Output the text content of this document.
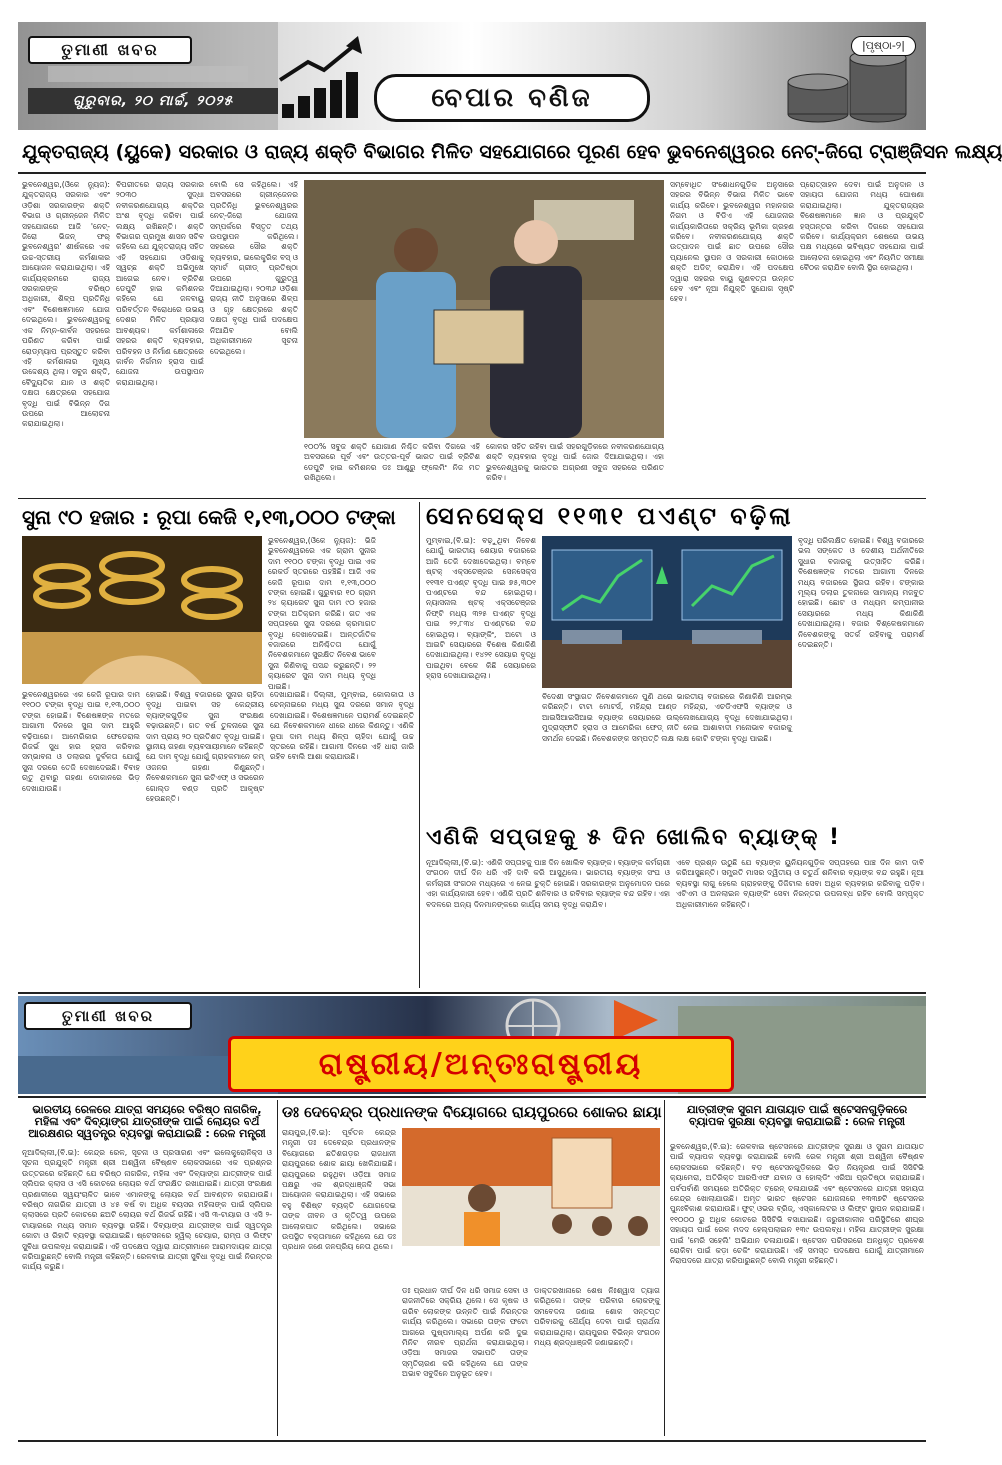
ତୁମାଣୀ ଖବର
ଗୁରୁବାର, ୨୦ ମାର୍ଚ୍ଚ, ୨୦୨୫	ବେପାର ବଣିଜ
|ପୃଷ୍ଠା-୨|
ଯୁକ୍ତରାଜ୍ୟ (ୟୁକେ) ସରକାର ଓ ରାଜ୍ୟ ଶକ୍ତି ବିଭାଗର ମିଳିତ ସହଯୋଗରେ ପୂରଣ ହେବ ଭୁବନେଶ୍ୱରର ନେଟ୍-ଜିରୋ ଟ୍ରାଞ୍ଜିସନ ଲକ୍ଷ୍ୟ
ଭୁବନେଶ୍ୱର,(ଓିକେ ନ୍ୟୁଜ): ଯୁକ୍ତରାଜ୍ୟ ସରକାର ଏବଂ ଓଡ଼ିଶା ସରକାରଙ୍କ ଶକ୍ତି ବିଭାଗ ଓ ଗ୍ରୀନ୍‌ଜେନ ମିଳିତ ସହଯୋଗରେ ଆଜି 'ନେଟ୍-ଜିରୋ ଭିଜନ୍ ଫର୍ ଭୁବନେଶ୍ୱର' ଶୀର୍ଷକରେ ଏକ ଉଚ୍ଚ-ସ୍ତରୀୟ କର୍ମଶାଳାର ଆୟୋଜନ କରାଯାଇଥିଲା। ଏହି କାର୍ଯ୍ୟକ୍ରମରେ ରାଜ୍ୟ ସରକାରଙ୍କ ବରିଷ୍ଠ ଅଧିକାରୀ, ଶିଳ୍ପ ପ୍ରତିନିଧି ଏବଂ ବିଶେଷଜ୍ଞମାନେ ଯୋଗ ଦେଇଥିଲେ। ଭୁବନେଶ୍ୱରକୁ ଏକ ନିମ୍ନ-କାର୍ବନ ସହରରେ ପରିଣତ କରିବା ପାଇଁ ରୋଡ୍‌ମ୍ୟାପ ପ୍ରସ୍ତୁତ କରିବା ଏହି କର୍ମଶାଳାର ମୁଖ୍ୟ ଉଦ୍ଦେଶ୍ୟ ଥିଲା। ସବୁଜ ଶକ୍ତି, ବୈଦ୍ୟୁତିକ ଯାନ ଓ ଶକ୍ତି ଦକ୍ଷତା କ୍ଷେତ୍ରରେ ସହଯୋଗ ବୃଦ୍ଧି ପାଇଁ ବିଭିନ୍ନ ଦିଗ ଉପରେ ଆଲୋଚନା କରାଯାଇଥିଲା।
ବିପରୀତରେ ରାଜ୍ୟ ସରକାର ୨୦୩୦ ସୁଦ୍ଧା ନବୀକରଣଯୋଗ୍ୟ ଶକ୍ତିର ଅଂଶ ବୃଦ୍ଧି କରିବା ପାଇଁ ଲକ୍ଷ୍ୟ ରଖିଛନ୍ତି। ଶକ୍ତି ବିଭାଗର ପ୍ରମୁଖ ଶାସନ ସଚିବ କହିଲେ ଯେ ଯୁକ୍ତରାଜ୍ୟ ସହିତ ଏହି ସହଯୋଗ ଓଡ଼ିଶାକୁ ସ୍ୱଚ୍ଛ ଶକ୍ତି ଅଭିମୁଖେ ଆଗେଇ ନେବ। ବ୍ରିଟିଶ ଡେପୁଟି ହାଇ କମିଶନର କହିଲେ ଯେ ଜଳବାୟୁ ପରିବର୍ତ୍ତନ ବିରୋଧରେ ଉଭୟ ଦେଶର ମିଳିତ ପ୍ରୟାସ ଆବଶ୍ୟକ। କର୍ମଶାଳାରେ ସହରର ଶକ୍ତି ବ୍ୟବହାର, ପରିବହନ ଓ ନିର୍ମାଣ କ୍ଷେତ୍ରରେ କାର୍ବନ ନିର୍ଗମନ ହ୍ରାସ ପାଇଁ ଯୋଜନା ଉପସ୍ଥାପନ କରାଯାଇଥିଲା।
ବୋଲି ସେ କହିଥିଲେ। ଏହି ଅବସରରେ ଗ୍ରୀନ୍‌ଜେନର ପ୍ରତିନିଧି ଭୁବନେଶ୍ୱରର ନେଟ୍-ଜିରୋ ଯୋଜନା ସମ୍ପର୍କରେ ବିସ୍ତୃତ ତଥ୍ୟ ଉପସ୍ଥାପନ କରିଥିଲେ। ସହରରେ ସୌର ଶକ୍ତି ବ୍ୟବହାର, ଇଲେକ୍ଟ୍ରିକ ବସ୍ ଓ ସ୍ମାର୍ଟ ଗ୍ରୀଡ୍ ପ୍ରତିଷ୍ଠା ଉପରେ ଗୁରୁତ୍ୱ ଦିଆଯାଇଥିଲା। ୨୦୩୬ ଓଡ଼ିଶା ରାଜ୍ୟ ନୀତି ଅନୁସାରେ ଶିଳ୍ପ ଓ ଗୃହ କ୍ଷେତ୍ରରେ ଶକ୍ତି ଦକ୍ଷତା ବୃଦ୍ଧି ପାଇଁ ପଦକ୍ଷେପ ନିଆଯିବ ବୋଲି ଅଧିକାରୀମାନେ ସୂଚନା ଦେଇଥିଲେ।
୧୦୦% ସବୁଜ ଶକ୍ତି ଯୋଗାଣ ନିଶ୍ଚିତ କରିବା ଦିଗରେ ଏହି ଅବସରରେ ପୂର୍ବ ଏବଂ ଉତ୍ତର-ପୂର୍ବ ଭାରତ ପାଇଁ ବ୍ରିଟିଶ ଡେପୁଟି ହାଇ କମିଶନର ଡଃ ଆଣ୍ଡ୍ରୁ ଫ୍ଲେମିଂ ନିଜ ମତ ରଖିଥିଲେ।
କୋଳର ସହିତ ରହିବା ପାଇଁ ସହରଗୁଡ଼ିକରେ ନବୀକରଣଯୋଗ୍ୟ ଶକ୍ତି ବ୍ୟବହାର ବୃଦ୍ଧି ପାଇଁ ଜୋର ଦିଆଯାଇଥିଲା। ଏହା ଭୁବନେଶ୍ୱରକୁ ଭାରତର ଅଗ୍ରଣୀ ସବୁଜ ସହରରେ ପରିଣତ କରିବ।
ସମ୍ବୋଧିତ ସଂଶୋଧନଗୁଡ଼ିକ ଅନୁସାରେ ସହରର ବିଭିନ୍ନ ବିଭାଗ ମିଳିତ ଭାବେ କାର୍ଯ୍ୟ କରିବେ। ଭୁବନେଶ୍ୱର ମହାନଗର ନିଗମ ଓ ବିଡିଏ ଏହି ଯୋଜନାର କାର୍ଯ୍ୟକାରିତାରେ ସକ୍ରିୟ ଭୂମିକା ଗ୍ରହଣ କରିବେ। ନବୀକରଣଯୋଗ୍ୟ ଶକ୍ତି ଉତ୍ପାଦନ ପାଇଁ ଛାତ ଉପରେ ସୌର ପ୍ୟାନେଲ ସ୍ଥାପନ ଓ ସରକାରୀ କୋଠାରେ ଶକ୍ତି ଅଡିଟ୍ କରାଯିବ। ଏହି ପଦକ୍ଷେପ ଦ୍ୱାରା ସହରର ବାୟୁ ଗୁଣବତ୍ତା ଉନ୍ନତ ହେବ ଏବଂ ନୂଆ ନିଯୁକ୍ତି ସୁଯୋଗ ସୃଷ୍ଟି ହେବ।
ପ୍ରୋତ୍ସାହନ ଦେବା ପାଇଁ ଅନୁଦାନ ଓ ସହାୟତା ଯୋଜନା ମଧ୍ୟ ଘୋଷଣା କରାଯାଇଥିଲା। ଯୁକ୍ତରାଜ୍ୟର ବିଶେଷଜ୍ଞମାନେ ଜ୍ଞାନ ଓ ପ୍ରଯୁକ୍ତି ହସ୍ତାନ୍ତର କରିବା ଦିଗରେ ସହଯୋଗ କରିବେ। କାର୍ଯ୍ୟକ୍ରମ ଶେଷରେ ଉଭୟ ପକ୍ଷ ମଧ୍ୟରେ ଭବିଷ୍ୟତ ସହଯୋଗ ପାଇଁ ଆଲୋଚନା ହୋଇଥିଲା ଏବଂ ନିୟମିତ ସମୀକ୍ଷା ବୈଠକ କରାଯିବ ବୋଲି ସ୍ଥିର ହୋଇଥିଲା।
ସୁନା ୯୦ ହଜାର : ରୂପା କେଜି ୧,୧୩,୦୦୦ ଟଙ୍କା
ଭୁବନେଶ୍ୱର,(ଓିକେ ନ୍ୟୁଜ): ଭିଜି ଭୁବନେଶ୍ୱରରେ ଏକ ଗ୍ରାମ ସୁନାର ଦାମ ୧୧୦୦ ଟଙ୍କା ବୃଦ୍ଧି ପାଇ ଏକ ରେକର୍ଡ ସ୍ତରରେ ପହଞ୍ଚିଛି। ଆଜି ଏକ କେଜି ରୂପାର ଦାମ ୧,୧୩,୦୦୦ ଟଙ୍କା ହୋଇଛି। ଗୁରୁବାର ୧୦ ଗ୍ରାମ ୨୪ କ୍ୟାରେଟ ସୁନା ଦାମ ୯୦ ହଜାର ଟଙ୍କା ଅତିକ୍ରମ କରିଛି। ଗତ ଏକ ସପ୍ତାହରେ ସୁନା ଦରରେ କ୍ରମାଗତ ବୃଦ୍ଧି ଦେଖାଦେଇଛି। ଆନ୍ତର୍ଜାତିକ ବଜାରରେ ଅନିଶ୍ଚିତତା ଯୋଗୁଁ ନିବେଶକମାନେ ସୁରକ୍ଷିତ ନିବେଶ ଭାବେ ସୁନା କିଣିବାକୁ ପସନ୍ଦ କରୁଛନ୍ତି। ୨୨ କ୍ୟାରେଟ ସୁନା ଦାମ ମଧ୍ୟ ବୃଦ୍ଧି ପାଇଛି।
ଭୁବନେଶ୍ୱରରେ ଏକ କେଜି ରୂପାର ଦାମ ୧୧୦୦ ଟଙ୍କା ବୃଦ୍ଧି ପାଇ ୧,୧୩,୦୦୦ ଟଙ୍କା ହୋଇଛି। ବିଶେଷଜ୍ଞଙ୍କ ମତରେ ଆଗାମୀ ଦିନରେ ସୁନା ଦାମ ଆହୁରି ବଢ଼ିପାରେ। ଆମେରିକାର ଫେଡେରାଲ ରିଜର୍ଭ ସୁଧ ହାର ହ୍ରାସ କରିବାର ସମ୍ଭାବନା ଓ ଡଲାରର ଦୁର୍ବଳତା ଯୋଗୁଁ ସୁନା ଦରରେ ତେଜି ଦେଖାଦେଇଛି। ବିବାହ ଋତୁ ଥିବାରୁ ଗହଣା ଦୋକାନରେ ଭିଡ଼ ଦେଖାଯାଉଛି।
ହୋଇଛି। ବିଶ୍ୱ ବଜାରରେ ସୁନାର ଚାହିଦା ବୃଦ୍ଧି ପାଇବା ସହ କେନ୍ଦ୍ରୀୟ ବ୍ୟାଙ୍କଗୁଡ଼ିକ ସୁନା ସଂରକ୍ଷଣ ବଢ଼ାଉଛନ୍ତି। ଗତ ବର୍ଷ ତୁଳନାରେ ସୁନା ଦାମ ପ୍ରାୟ ୨୦ ପ୍ରତିଶତ ବୃଦ୍ଧି ପାଇଛି। ସ୍ଥାନୀୟ ଗହଣା ବ୍ୟବସାୟୀମାନେ କହିଛନ୍ତି ଯେ ଦାମ ବୃଦ୍ଧି ଯୋଗୁଁ ଗ୍ରାହକମାନେ କମ୍ ଓଜନର ଗହଣା କିଣୁଛନ୍ତି। ନିବେଶକମାନେ ସୁନା ଇଟିଏଫ୍ ଓ ସଭରେନ ଗୋଲ୍ଡ ବଣ୍ଡ ପ୍ରତି ଆକୃଷ୍ଟ ହେଉଛନ୍ତି।
ଦେଖାଯାଇଛି। ଦିଲ୍ଲୀ, ମୁମ୍ବାଇ, କୋଲକାତା ଓ ଚେନ୍ନାଇରେ ମଧ୍ୟ ସୁନା ଦରରେ ସମାନ ବୃଦ୍ଧି ଦେଖାଯାଇଛି। ବିଶେଷଜ୍ଞମାନେ ପରାମର୍ଶ ଦେଇଛନ୍ତି ଯେ ନିବେଶକମାନେ ଧୀରେ ଧୀରେ କିଣନ୍ତୁ। ଏଣିକି ରୂପା ଦାମ ମଧ୍ୟ ଶିଳ୍ପ ଚାହିଦା ଯୋଗୁଁ ଉଚ୍ଚ ସ୍ତରରେ ରହିଛି। ଆଗାମୀ ଦିନରେ ଏହି ଧାରା ଜାରି ରହିବ ବୋଲି ଆଶା କରାଯାଉଛି।
ସେନସେକ୍ସ ୧୧୩୧ ପଏଣ୍ଟ ବଢ଼ିଲା
ମୁମ୍ବାଇ,(ବି.ଇ): ବଢ଼ୁଥିବା ନିବେଶ ଯୋଗୁଁ ଭାରତୀୟ ଶେୟାର ବଜାରରେ ଆଜି ତେଜି ଦେଖାଦେଇଥିଲା। ବମ୍ବେ ଷ୍ଟକ୍ ଏକ୍ସଚେଞ୍ଜର ସେନସେକ୍ସ ୧୧୩୧ ପଏଣ୍ଟ ବୃଦ୍ଧି ପାଇ ୭୫,୩୦୧ ପଏଣ୍ଟରେ ବନ୍ଦ ହୋଇଥିଲା। ନ୍ୟାସନାଲ ଷ୍ଟକ୍ ଏକ୍ସଚେଞ୍ଜର ନିଫ୍ଟି ମଧ୍ୟ ୩୨୫ ପଏଣ୍ଟ ବୃଦ୍ଧି ପାଇ ୨୨,୮୩୪ ପଏଣ୍ଟରେ ବନ୍ଦ ହୋଇଥିଲା। ବ୍ୟାଙ୍କିଂ, ଅଟୋ ଓ ଆଇଟି ସେୟାରରେ ବିଶେଷ କିଣାକିଣି ଦେଖାଯାଇଥିଲା। ୧୪୨୧ ସେୟାର ବୃଦ୍ଧି ପାଇଥିବା ବେଳେ କିଛି ସେୟାରରେ ହ୍ରାସ ଦେଖାଯାଇଥିଲା।
ବିଦେଶୀ ସଂସ୍ଥାଗତ ନିବେଶକମାନେ ପୁଣି ଥରେ ଭାରତୀୟ ବଜାରରେ କିଣାକିଣି ଆରମ୍ଭ କରିଛନ୍ତି। ଟାଟା ମୋଟର୍ସ, ମହିନ୍ଦ୍ରା ଆଣ୍ଡ ମହିନ୍ଦ୍ରା, ଏଚଡିଏଫସି ବ୍ୟାଙ୍କ ଓ ଆଇସିଆଇସିଆଇ ବ୍ୟାଙ୍କ ସେୟାରରେ ଉଲ୍ଲେଖଯୋଗ୍ୟ ବୃଦ୍ଧି ଦେଖାଯାଇଥିଲା। ମୁଦ୍ରାସ୍ଫୀତି ହ୍ରାସ ଓ ଆମେରିକା ଫେଡ୍ ନୀତି ନେଇ ଆଶାବାଦୀ ମନୋଭାବ ବଜାରକୁ ସମର୍ଥନ ଦେଇଛି। ନିବେଶକଙ୍କ ସମ୍ପତ୍ତି ଲକ୍ଷ ଲକ୍ଷ କୋଟି ଟଙ୍କା ବୃଦ୍ଧି ପାଇଛି।
ବୃଦ୍ଧି ପରିଲକ୍ଷିତ ହୋଇଛି। ବିଶ୍ୱ ବଜାରରେ ଭଲ ସଙ୍କେତ ଓ ଦେଶୀୟ ଅର୍ଥନୀତିରେ ସୁଧାର ବଜାରକୁ ଉତ୍ସାହିତ କରିଛି। ବିଶେଷଜ୍ଞଙ୍କ ମତରେ ଆଗାମୀ ଦିନରେ ମଧ୍ୟ ବଜାରରେ ସ୍ଥିରତା ରହିବ। ଟଙ୍କାର ମୂଲ୍ୟ ଡଲାର ତୁଳନାରେ ସାମାନ୍ୟ ମଜବୁତ ହୋଇଛି। ଛୋଟ ଓ ମଧ୍ୟମ କମ୍ପାନୀର ସେୟାରରେ ମଧ୍ୟ କିଣାକିଣି ଦେଖାଯାଇଥିଲା। ବଜାର ବିଶ୍ଳେଷକମାନେ ନିବେଶକଙ୍କୁ ସତର୍କ ରହିବାକୁ ପରାମର୍ଶ ଦେଇଛନ୍ତି।
ଏଣିକି ସପ୍ତାହକୁ ୫ ଦିନ ଖୋଲିବ ବ୍ୟାଙ୍କ୍ !
ନୂଆଦିଲ୍ଲୀ,(ବି.ଇ): ଏଣିକି ସପ୍ତାହକୁ ପାଞ୍ଚ ଦିନ ଖୋଲିବ ବ୍ୟାଙ୍କ। ବ୍ୟାଙ୍କ କର୍ମଚାରୀ ସଂଗଠନ ଦୀର୍ଘ ଦିନ ଧରି ଏହି ଦାବି କରି ଆସୁଥିଲେ। ଭାରତୀୟ ବ୍ୟାଙ୍କ ସଂଘ ଓ କର୍ମଚାରୀ ସଂଗଠନ ମଧ୍ୟରେ ଏ ନେଇ ଚୁକ୍ତି ହୋଇଛି। ସରକାରଙ୍କ ଅନୁମୋଦନ ପରେ ଏହା କାର୍ଯ୍ୟକାରୀ ହେବ। ଏଣିକି ପ୍ରତି ଶନିବାର ଓ ରବିବାର ବ୍ୟାଙ୍କ ବନ୍ଦ ରହିବ। ଏହା ବଦଳରେ ଅନ୍ୟ ଦିନମାନଙ୍କରେ କାର୍ଯ୍ୟ ସମୟ ବୃଦ୍ଧି କରାଯିବ।
ଏବେ ପ୍ରଶ୍ନ ଉଠୁଛି ଯେ ବ୍ୟାଙ୍କ ୟୁନିୟନଗୁଡ଼ିକ ସପ୍ତାହରେ ପାଞ୍ଚ ଦିନ କାମ ଦାବି କରିଆସୁଛନ୍ତି। ସମ୍ପ୍ରତି ମାସର ଦ୍ୱିତୀୟ ଓ ଚତୁର୍ଥ ଶନିବାର ବ୍ୟାଙ୍କ ବନ୍ଦ ରହୁଛି। ନୂଆ ବ୍ୟବସ୍ଥା ଲାଗୁ ହେଲେ ଗ୍ରାହକଙ୍କୁ ଡିଜିଟାଲ ସେବା ଅଧିକ ବ୍ୟବହାର କରିବାକୁ ପଡ଼ିବ। ଏଟିଏମ ଓ ଅନଲାଇନ ବ୍ୟାଙ୍କିଂ ସେବା ନିରନ୍ତର ଉପଲବ୍ଧ ରହିବ ବୋଲି ସମ୍ପୃକ୍ତ ଅଧିକାରୀମାନେ କହିଛନ୍ତି।
ତୁମାଣୀ ଖବର
ରାଷ୍ଟ୍ରୀୟ/ଅନ୍ତଃରାଷ୍ଟ୍ରୀୟ
ଭାରତୀୟ ରେଳରେ ଯାତ୍ରା ସମୟରେ ବରିଷ୍ଠ ନାଗରିକ, ମହିଳା ଏବଂ ଦିବ୍ୟାଙ୍ଗ ଯାତ୍ରୀଙ୍କ ପାଇଁ ଲୋୟର ବର୍ଥ ଆରକ୍ଷଣର ସ୍ୱତନ୍ତ୍ର ବ୍ୟବସ୍ଥା କରାଯାଇଛି : ରେଳ ମନ୍ତ୍ରୀ
ନୂଆଦିଲ୍ଲୀ,(ବି.ଇ): କେନ୍ଦ୍ର ରେଳ, ସୂଚନା ଓ ପ୍ରସାରଣ ଏବଂ ଇଲେକ୍ଟ୍ରୋନିକ୍ସ ଓ ସୂଚନା ପ୍ରଯୁକ୍ତି ମନ୍ତ୍ରୀ ଶ୍ରୀ ଅଶ୍ୱିନୀ ବୈଷ୍ଣବ ଲୋକସଭାରେ ଏକ ପ୍ରଶ୍ନର ଉତ୍ତରରେ କହିଛନ୍ତି ଯେ ବରିଷ୍ଠ ନାଗରିକ, ମହିଳା ଏବଂ ଦିବ୍ୟାଙ୍ଗ ଯାତ୍ରୀଙ୍କ ପାଇଁ ସ୍ଲିପର କ୍ଲାସ ଓ ଏସି କୋଚରେ ଲୋୟର ବର୍ଥ ସଂରକ୍ଷିତ ରଖାଯାଇଛି। ଯାତ୍ରୀ ସଂରକ୍ଷଣ ପ୍ରଣାଳୀରେ ସ୍ୱୟଂଚାଳିତ ଭାବେ ଏମାନଙ୍କୁ ଲୋୟର ବର୍ଥ ଆବଣ୍ଟନ କରାଯାଉଛି। ବରିଷ୍ଠ ନାଗରିକ ଯାତ୍ରୀ ଓ ୪୫ ବର୍ଷ ବା ଅଧିକ ବୟସର ମହିଳାଙ୍କ ପାଇଁ ସ୍ଲିପର କ୍ଲାସରେ ପ୍ରତି କୋଚରେ ଛଅଟି ଲୋୟର ବର୍ଥ ରିଜର୍ଭ ରହିଛି। ଏସି ୩-ଟାୟାର ଓ ଏସି ୨-ଟାୟାରରେ ମଧ୍ୟ ସମାନ ବ୍ୟବସ୍ଥା ରହିଛି। ଦିବ୍ୟାଙ୍ଗ ଯାତ୍ରୀଙ୍କ ପାଇଁ ସ୍ୱତନ୍ତ୍ର କୋଟା ଓ ରିହାତି ବ୍ୟବସ୍ଥା କରାଯାଇଛି। ଷ୍ଟେସନରେ ହ୍ୱିଲ୍ ଚେୟାର, ରାମ୍ପ ଓ ଲିଫ୍ଟ ସୁବିଧା ଉପଲବ୍ଧ କରାଯାଇଛି। ଏହି ପଦକ୍ଷେପ ଦ୍ୱାରା ଯାତ୍ରୀମାନେ ଆରାମଦାୟକ ଯାତ୍ରା କରିପାରୁଛନ୍ତି ବୋଲି ମନ୍ତ୍ରୀ କହିଛନ୍ତି। ରେଳବାଇ ଯାତ୍ରୀ ସୁବିଧା ବୃଦ୍ଧି ପାଇଁ ନିରନ୍ତର କାର୍ଯ୍ୟ କରୁଛି।
ଡଃ ଦେବେନ୍ଦ୍ର ପ୍ରଧାନଙ୍କ ବିୟୋଗରେ ରାୟପୁରରେ ଶୋକର ଛାୟା
ରାୟପୁର,(ବି.ଇ): ପୂର୍ବତନ କେନ୍ଦ୍ର ମନ୍ତ୍ରୀ ଡଃ ଦେବେନ୍ଦ୍ର ପ୍ରଧାନଙ୍କ ବିୟୋଗରେ ଛତିଶଗଡ଼ର ରାଜଧାନୀ ରାୟପୁରରେ ଶୋକ ଛାୟା ଖେଳିଯାଇଛି। ରାୟପୁରରେ ରହୁଥିବା ଓଡ଼ିଆ ସମାଜ ପକ୍ଷରୁ ଏକ ଶ୍ରଦ୍ଧାଞ୍ଜଳି ସଭା ଆୟୋଜନ କରାଯାଇଥିଲା। ଏହି ସଭାରେ ବହୁ ବିଶିଷ୍ଟ ବ୍ୟକ୍ତି ଯୋଗଦେଇ ତାଙ୍କ ଜୀବନ ଓ କୃତିତ୍ୱ ଉପରେ ଆଲୋକପାତ କରିଥିଲେ। ସଭାରେ ଉପସ୍ଥିତ ବକ୍ତାମାନେ କହିଥିଲେ ଯେ ଡଃ ପ୍ରଧାନ ଜଣେ ଜନପ୍ରିୟ ନେତା ଥିଲେ।
ଡଃ ପ୍ରଧାନ ଦୀର୍ଘ ଦିନ ଧରି ସମାଜ ସେବା ଓ ରାଜନୀତିରେ ସକ୍ରିୟ ଥିଲେ। ସେ କୃଷକ ଓ ଗରିବ ଲୋକଙ୍କ ଉନ୍ନତି ପାଇଁ ନିରନ୍ତର କାର୍ଯ୍ୟ କରିଥିଲେ। ସଭାରେ ତାଙ୍କ ଫଟୋ ଆଗରେ ପୁଷ୍ପମାଲ୍ୟ ଅର୍ପଣ କରି ଦୁଇ ମିନିଟ ନୀରବ ପ୍ରାର୍ଥନା କରାଯାଇଥିଲା। ଓଡ଼ିଆ ସମାଜର ସଭାପତି ତାଙ୍କ ସ୍ମୃତିଚାରଣ କରି କହିଥିଲେ ଯେ ତାଙ୍କ ଅଭାବ ସବୁଦିନେ ଅନୁଭୂତ ହେବ।
ଡାକ୍ତରଖାନାରେ ଶେଷ ନିଃଶ୍ୱାସ ତ୍ୟାଗ କରିଥିଲେ। ତାଙ୍କ ପରିବାର ଲୋକଙ୍କୁ ସମବେଦନା ଜଣାଇ ଶୋକ ସନ୍ତପ୍ତ ପରିବାରକୁ ଧୈର୍ଯ୍ୟ ଦେବା ପାଇଁ ପ୍ରାର୍ଥନା କରାଯାଇଥିଲା। ରାୟପୁରର ବିଭିନ୍ନ ସଂଗଠନ ମଧ୍ୟ ଶ୍ରଦ୍ଧାଞ୍ଜଳି ଜଣାଇଛନ୍ତି।
ଯାତ୍ରୀଙ୍କ ସୁଗମ ଯାତାୟାତ ପାଇଁ ଷ୍ଟେସନଗୁଡ଼ିକରେ ବ୍ୟାପକ ସୁରକ୍ଷା ବ୍ୟବସ୍ଥା କରାଯାଇଛି : ରେଳ ମନ୍ତ୍ରୀ
ଭୁବନେଶ୍ୱର,(ବି.ଇ): ରେଳବାଇ ଷ୍ଟେସନରେ ଯାତ୍ରୀଙ୍କ ସୁରକ୍ଷା ଓ ସୁଗମ ଯାତାୟାତ ପାଇଁ ବ୍ୟାପକ ବ୍ୟବସ୍ଥା କରାଯାଇଛି ବୋଲି ରେଳ ମନ୍ତ୍ରୀ ଶ୍ରୀ ଅଶ୍ୱିନୀ ବୈଷ୍ଣବ ଲୋକସଭାରେ କହିଛନ୍ତି। ବଡ଼ ଷ୍ଟେସନଗୁଡ଼ିକରେ ଭିଡ଼ ନିୟନ୍ତ୍ରଣ ପାଇଁ ସିସିଟିଭି କ୍ୟାମେରା, ଅତିରିକ୍ତ ଆରପିଏଫ ଯବାନ ଓ ହୋଲ୍ଡିଂ ଏରିଆ ପ୍ରତିଷ୍ଠା କରାଯାଇଛି। ପର୍ବପର୍ବାଣି ସମୟରେ ଅତିରିକ୍ତ ଟ୍ରେନ୍ ଚଳାଯାଉଛି ଏବଂ ଷ୍ଟେସନରେ ଯାତ୍ରୀ ସହାୟତା କେନ୍ଦ୍ର ଖୋଲାଯାଉଛି। ଅମୃତ ଭାରତ ଷ୍ଟେସନ ଯୋଜନାରେ ୧୩୩୭ଟି ଷ୍ଟେସନର ପୁନଃବିକାଶ କରାଯାଉଛି। ଫୁଟ୍ ଓଭର ବ୍ରିଜ୍, ଏସ୍କାଲେଟର ଓ ଲିଫ୍ଟ ସ୍ଥାପନ କରାଯାଇଛି। ୧୧୦୦୦ ରୁ ଅଧିକ କୋଚରେ ସିସିଟିଭି ବସାଯାଇଛି। ଜରୁରୀକାଳୀନ ପରିସ୍ଥିତିରେ ଶୀଘ୍ର ସହାୟତା ପାଇଁ ରେଳ ମଦଦ ହେଲ୍ପଲାଇନ ୧୩୯ ଉପଲବ୍ଧ। ମହିଳା ଯାତ୍ରୀଙ୍କ ସୁରକ୍ଷା ପାଇଁ 'ମେରି ସହେଲି' ଅଭିଯାନ ଚଳାଯାଉଛି। ଷ୍ଟେସନ ପରିସରରେ ଅନଧିକୃତ ପ୍ରବେଶ ରୋକିବା ପାଇଁ କଡ଼ା ଚେକିଂ କରାଯାଉଛି। ଏହି ସମସ୍ତ ପଦକ୍ଷେପ ଯୋଗୁଁ ଯାତ୍ରୀମାନେ ନିରାପଦରେ ଯାତ୍ରା କରିପାରୁଛନ୍ତି ବୋଲି ମନ୍ତ୍ରୀ କହିଛନ୍ତି।
